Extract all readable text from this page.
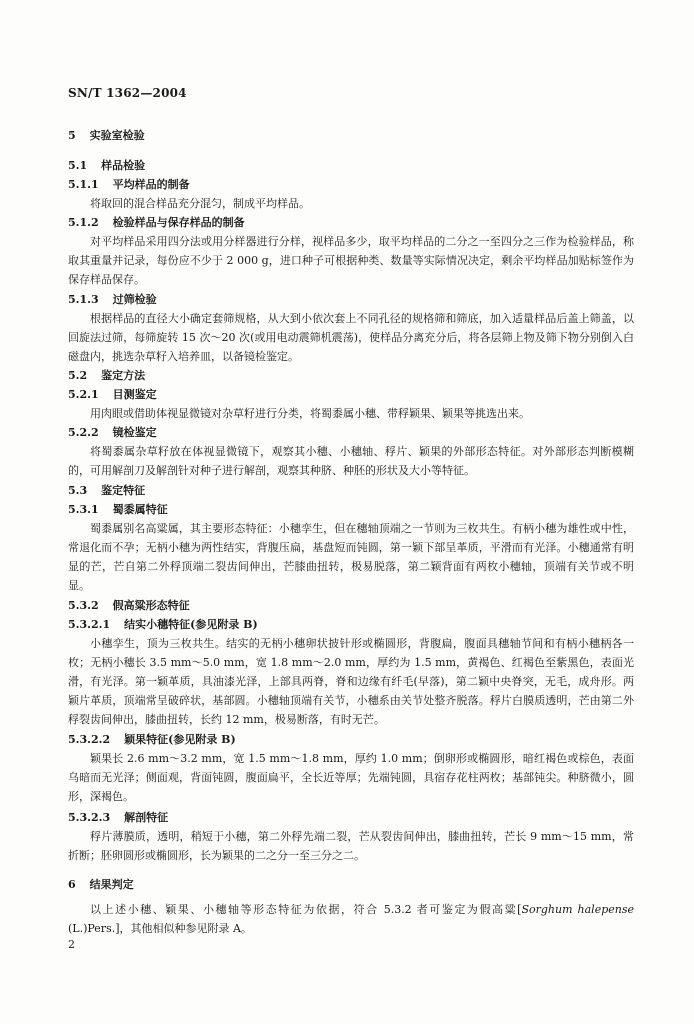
SN/T 1362—2004
5 实验室检验
5.1 样品检验
5.1.1 平均样品的制备
将取回的混合样品充分混匀，制成平均样品。
5.1.2 检验样品与保存样品的制备
对平均样品采用四分法或用分样器进行分样，视样品多少，取平均样品的二分之一至四分之三作为检验样品，称取其重量并记录，每份应不少于 2 000 g，进口种子可根据种类、数量等实际情况决定，剩余平均样品加贴标签作为保存样品保存。
5.1.3 过筛检验
根据样品的直径大小确定套筛规格，从大到小依次套上不同孔径的规格筛和筛底，加入适量样品后盖上筛盖，以回旋法过筛，每筛旋转 15 次～20 次(或用电动震筛机震荡)，使样品分离充分后，将各层筛上物及筛下物分别倒入白磁盘内，挑选杂草籽入培养皿，以备镜检鉴定。
5.2 鉴定方法
5.2.1 目测鉴定
用肉眼或借助体视显微镜对杂草籽进行分类，将蜀黍属小穗、带稃颖果、颖果等挑选出来。
5.2.2 镜检鉴定
将蜀黍属杂草籽放在体视显微镜下，观察其小穗、小穗轴、稃片、颖果的外部形态特征。对外部形态判断模糊的，可用解剖刀及解剖针对种子进行解剖，观察其种脐、种胚的形状及大小等特征。
5.3 鉴定特征
5.3.1 蜀黍属特征
蜀黍属别名高粱属，其主要形态特征：小穗孪生，但在穗轴顶端之一节则为三枚共生。有柄小穗为雄性或中性，常退化而不孕；无柄小穗为两性结实，背腹压扁，基盘短而钝圆，第一颖下部呈革质，平滑而有光泽。小穗通常有明显的芒，芒自第二外稃顶端二裂齿间伸出，芒膝曲扭转，极易脱落，第二颖背面有两枚小穗轴，顶端有关节或不明显。
5.3.2 假高粱形态特征
5.3.2.1 结实小穗特征(参见附录 B)
小穗孪生，顶为三枚共生。结实的无柄小穗卵状披针形或椭圆形，背腹扁，腹面具穗轴节间和有柄小穗柄各一枚；无柄小穗长 3.5 mm～5.0 mm，宽 1.8 mm～2.0 mm，厚约为 1.5 mm，黄褐色、红褐色至紫黑色，表面光滑，有光泽。第一颖革质，具油漆光泽，上部具两脊，脊和边缘有纤毛(早落)，第二颖中央脊突，无毛，成舟形。两颖片革质，顶端常呈破碎状，基部圆。小穗轴顶端有关节，小穗系由关节处整齐脱落。稃片白膜质透明，芒由第二外稃裂齿间伸出，膝曲扭转，长约 12 mm，极易断落，有时无芒。
5.3.2.2 颖果特征(参见附录 B)
颖果长 2.6 mm～3.2 mm，宽 1.5 mm～1.8 mm，厚约 1.0 mm；倒卵形或椭圆形，暗红褐色或棕色，表面乌暗而无光泽；侧面观，背面钝圆，腹面扁平，全长近等厚；先端钝圆，具宿存花柱两枚；基部钝尖。种脐微小，圆形，深褐色。
5.3.2.3 解剖特征
稃片薄膜质，透明，稍短于小穗，第二外稃先端二裂，芒从裂齿间伸出，膝曲扭转，芒长 9 mm～15 mm，常折断；胚卵圆形或椭圆形，长为颖果的二之分一至三分之二。
6 结果判定
以上述小穗、颖果、小穗轴等形态特征为依据，符合 5.3.2 者可鉴定为假高粱[Sorghum halepense (L.)Pers.]，其他相似种参见附录 A。
2
